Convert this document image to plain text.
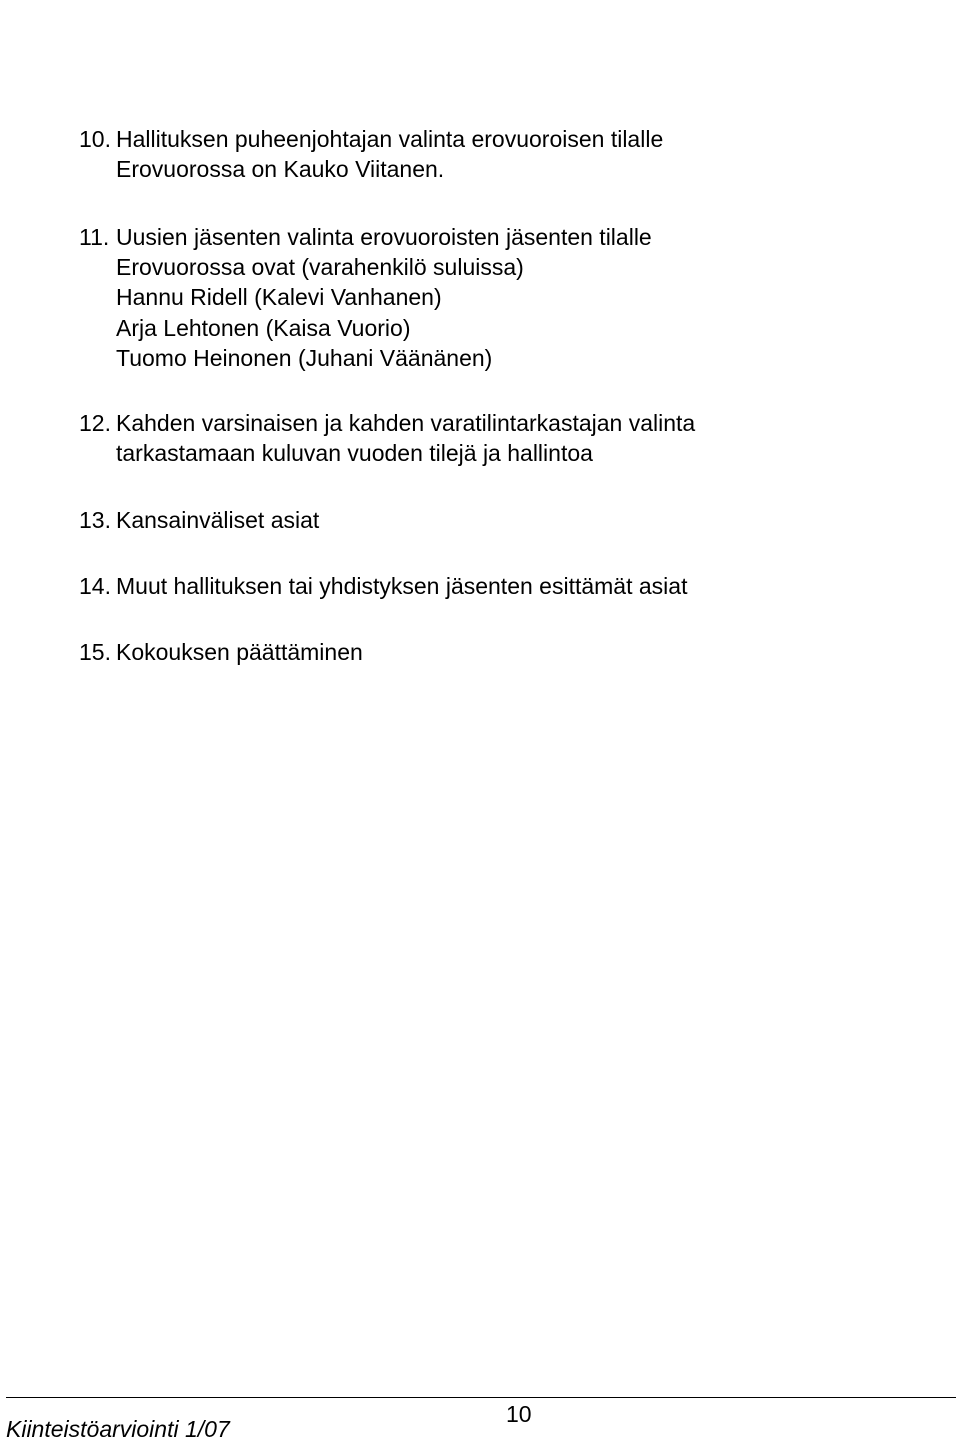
10. Hallituksen puheenjohtajan valinta erovuoroisen tilalle
Erovuorossa on Kauko Viitanen.
11. Uusien jäsenten valinta erovuoroisten jäsenten tilalle
Erovuorossa ovat (varahenkilö suluissa)
Hannu Ridell (Kalevi Vanhanen)
Arja Lehtonen (Kaisa Vuorio)
Tuomo Heinonen (Juhani Väänänen)
12. Kahden varsinaisen ja kahden varatilintarkastajan valinta
tarkastamaan kuluvan vuoden tilejä ja hallintoa
13. Kansainväliset asiat
14. Muut hallituksen tai yhdistyksen jäsenten esittämät asiat
15. Kokouksen päättäminen
Kiinteistöarviointi 1/07
10
